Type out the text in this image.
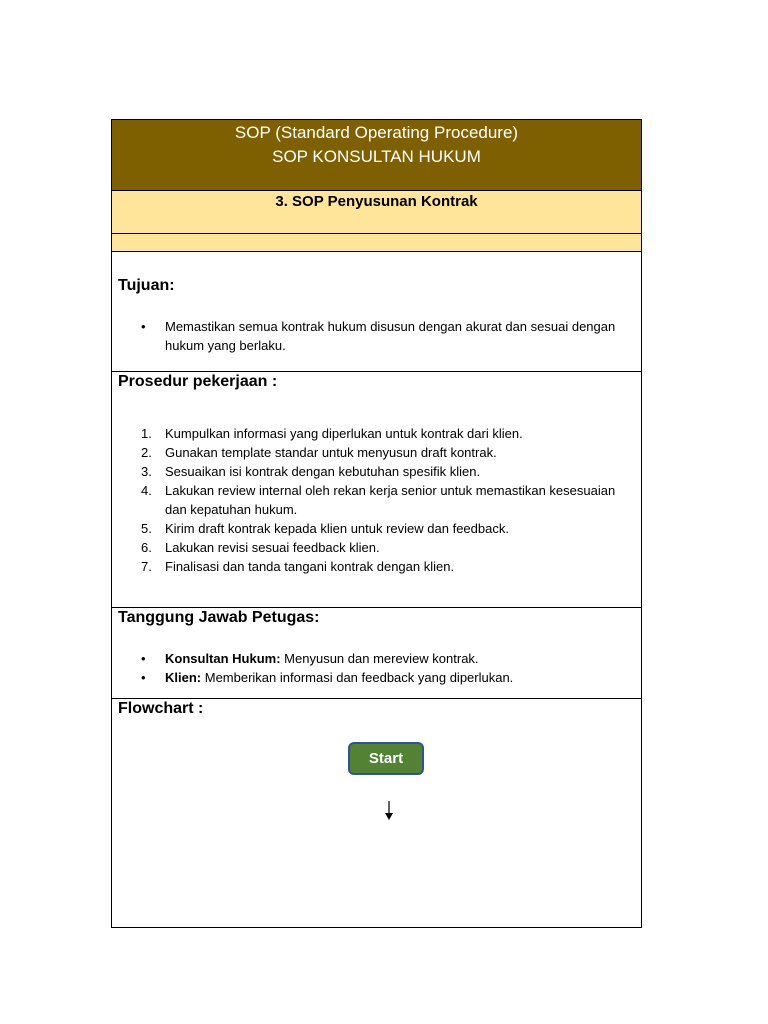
SOP (Standard Operating Procedure)
SOP KONSULTAN HUKUM
3. SOP Penyusunan Kontrak
Tujuan:
• Memastikan semua kontrak hukum disusun dengan akurat dan sesuai dengan hukum yang berlaku.
Prosedur pekerjaan :
1. Kumpulkan informasi yang diperlukan untuk kontrak dari klien.
2. Gunakan template standar untuk menyusun draft kontrak.
3. Sesuaikan isi kontrak dengan kebutuhan spesifik klien.
4. Lakukan review internal oleh rekan kerja senior untuk memastikan kesesuaian dan kepatuhan hukum.
5. Kirim draft kontrak kepada klien untuk review dan feedback.
6. Lakukan revisi sesuai feedback klien.
7. Finalisasi dan tanda tangani kontrak dengan klien.
Tanggung Jawab Petugas:
• Konsultan Hukum: Menyusun dan mereview kontrak.
• Klien: Memberikan informasi dan feedback yang diperlukan.
Flowchart :
Start
